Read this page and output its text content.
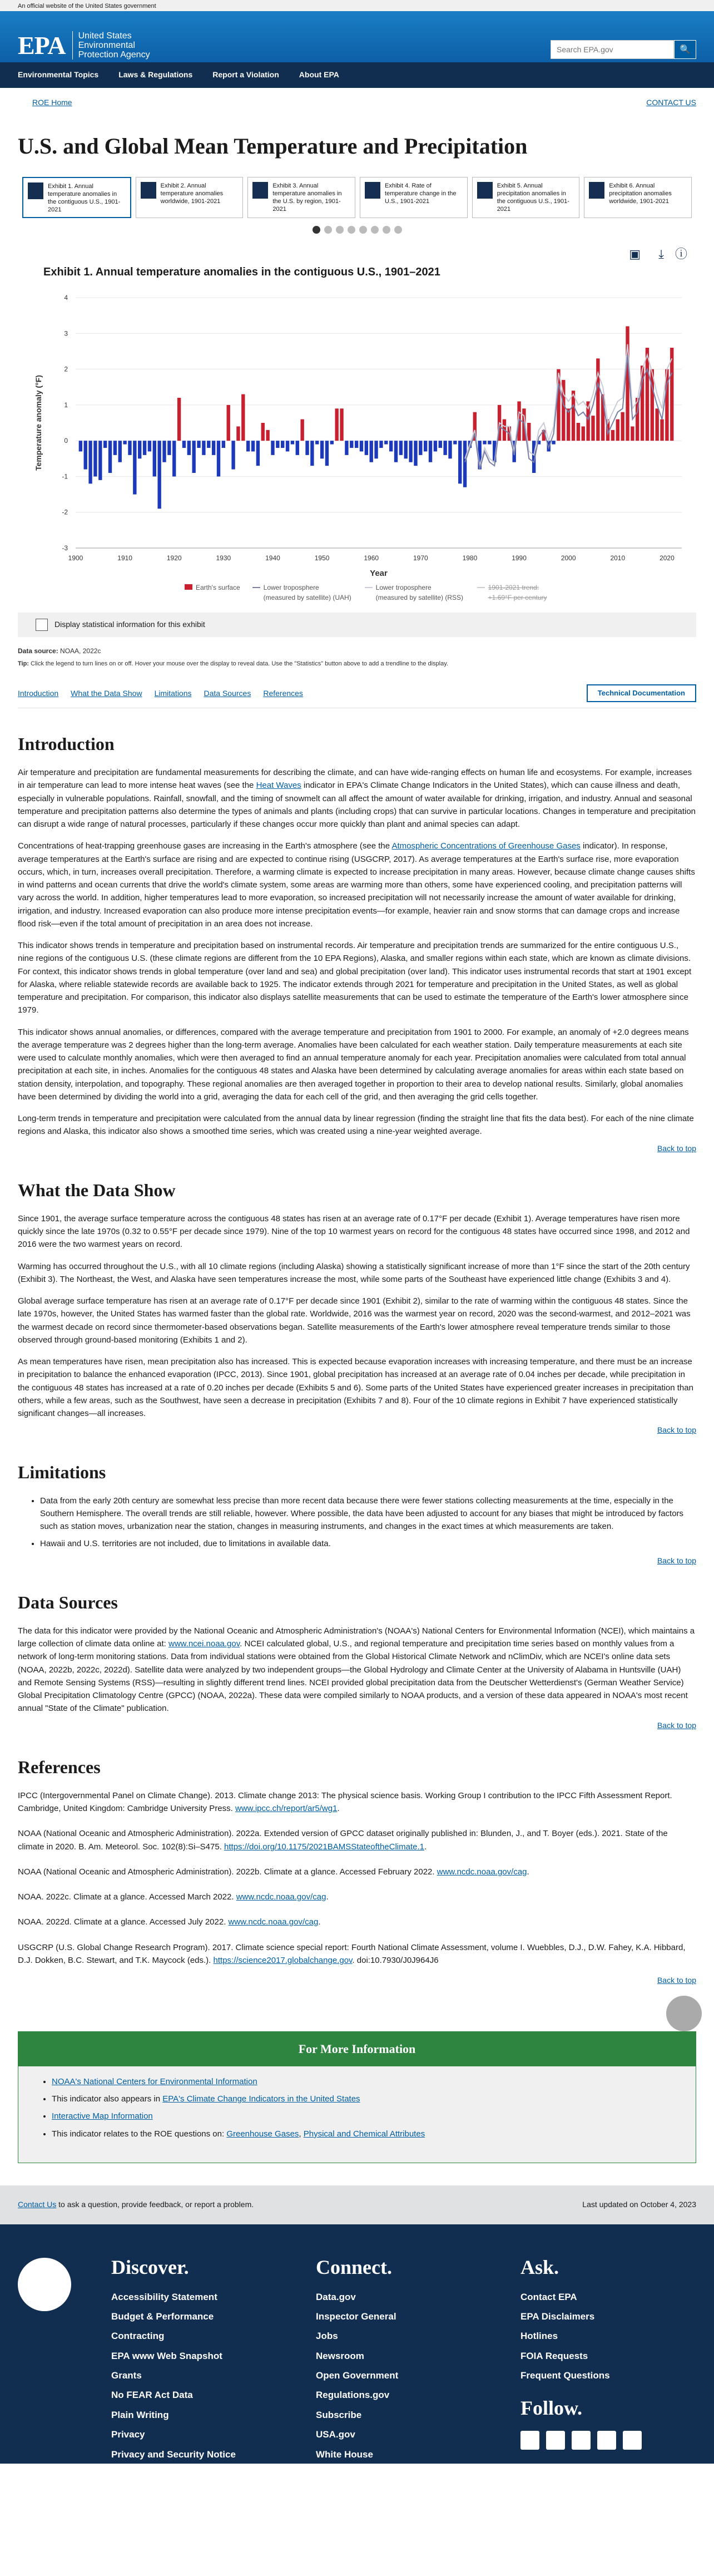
An official website of the United States government
EPA	United States Environmental Protection Agency
Search EPA.gov
🔍
Environmental Topics	Laws & Regulations	Report a Violation	About EPA
ROE Home	CONTACT US
U.S. and Global Mean Temperature and Precipitation
Exhibit 1. Annual temperature anomalies in the contiguous U.S., 1901-2021
Exhibit 2. Annual temperature anomalies worldwide, 1901-2021
Exhibit 3. Annual temperature anomalies in the U.S. by region, 1901-2021
Exhibit 4. Rate of temperature change in the U.S., 1901-2021
Exhibit 5. Annual precipitation anomalies in the contiguous U.S., 1901-2021
Exhibit 6. Annual precipitation anomalies worldwide, 1901-2021
▣ ⤓ ⓘ
Exhibit 1. Annual temperature anomalies in the contiguous U.S., 1901–2021
-3
-2
-1
0
1
2
3
4
1900	1910	1920	1930	1940	1950	1960	1970	1980	1990	2000	2010	2020
Temperature anomaly (°F)
Year
Earth's surface	Lower troposphere (measured by satellite) (UAH)
Lower troposphere (measured by satellite) (RSS)
1901-2021 trend: +1.69°F per century
Display statistical information for this exhibit
Data source: NOAA, 2022c
Tip: Click the legend to turn lines on or off. Hover your mouse over the display to reveal data. Use the "Statistics" button above to add a trendline to the display.
Introduction What the Data Show Limitations Data Sources References	Technical Documentation
Introduction

Air temperature and precipitation are fundamental measurements for describing the climate, and can have wide-ranging effects on human life and ecosystems. For example, increases in air temperature can lead to more intense heat waves (see the Heat Waves indicator in EPA's Climate Change Indicators in the United States), which can cause illness and death, especially in vulnerable populations. Rainfall, snowfall, and the timing of snowmelt can all affect the amount of water available for drinking, irrigation, and industry. Annual and seasonal temperature and precipitation patterns also determine the types of animals and plants (including crops) that can survive in particular locations. Changes in temperature and precipitation can disrupt a wide range of natural processes, particularly if these changes occur more quickly than plant and animal species can adapt.

Concentrations of heat-trapping greenhouse gases are increasing in the Earth's atmosphere (see the Atmospheric Concentrations of Greenhouse Gases indicator). In response, average temperatures at the Earth's surface are rising and are expected to continue rising (USGCRP, 2017). As average temperatures at the Earth's surface rise, more evaporation occurs, which, in turn, increases overall precipitation. Therefore, a warming climate is expected to increase precipitation in many areas. However, because climate change causes shifts in wind patterns and ocean currents that drive the world's climate system, some areas are warming more than others, some have experienced cooling, and precipitation patterns will vary across the world. In addition, higher temperatures lead to more evaporation, so increased precipitation will not necessarily increase the amount of water available for drinking, irrigation, and industry. Increased evaporation can also produce more intense precipitation events—for example, heavier rain and snow storms that can damage crops and increase flood risk—even if the total amount of precipitation in an area does not increase.

This indicator shows trends in temperature and precipitation based on instrumental records. Air temperature and precipitation trends are summarized for the entire contiguous U.S., nine regions of the contiguous U.S. (these climate regions are different from the 10 EPA Regions), Alaska, and smaller regions within each state, which are known as climate divisions. For context, this indicator shows trends in global temperature (over land and sea) and global precipitation (over land). This indicator uses instrumental records that start at 1901 except for Alaska, where reliable statewide records are available back to 1925. The indicator extends through 2021 for temperature and precipitation in the United States, as well as global temperature and precipitation. For comparison, this indicator also displays satellite measurements that can be used to estimate the temperature of the Earth's lower atmosphere since 1979.

This indicator shows annual anomalies, or differences, compared with the average temperature and precipitation from 1901 to 2000. For example, an anomaly of +2.0 degrees means the average temperature was 2 degrees higher than the long-term average. Anomalies have been calculated for each weather station. Daily temperature measurements at each site were used to calculate monthly anomalies, which were then averaged to find an annual temperature anomaly for each year. Precipitation anomalies were calculated from total annual precipitation at each site, in inches. Anomalies for the contiguous 48 states and Alaska have been determined by calculating average anomalies for areas within each state based on station density, interpolation, and topography. These regional anomalies are then averaged together in proportion to their area to develop national results. Similarly, global anomalies have been determined by dividing the world into a grid, averaging the data for each cell of the grid, and then averaging the grid cells together.

Long-term trends in temperature and precipitation were calculated from the annual data by linear regression (finding the straight line that fits the data best). For each of the nine climate regions and Alaska, this indicator also shows a smoothed time series, which was created using a nine-year weighted average.

Back to top
What the Data Show

Since 1901, the average surface temperature across the contiguous 48 states has risen at an average rate of 0.17°F per decade (Exhibit 1). Average temperatures have risen more quickly since the late 1970s (0.32 to 0.55°F per decade since 1979). Nine of the top 10 warmest years on record for the contiguous 48 states have occurred since 1998, and 2012 and 2016 were the two warmest years on record.

Warming has occurred throughout the U.S., with all 10 climate regions (including Alaska) showing a statistically significant increase of more than 1°F since the start of the 20th century (Exhibit 3). The Northeast, the West, and Alaska have seen temperatures increase the most, while some parts of the Southeast have experienced little change (Exhibits 3 and 4).

Global average surface temperature has risen at an average rate of 0.17°F per decade since 1901 (Exhibit 2), similar to the rate of warming within the contiguous 48 states. Since the late 1970s, however, the United States has warmed faster than the global rate. Worldwide, 2016 was the warmest year on record, 2020 was the second-warmest, and 2012–2021 was the warmest decade on record since thermometer-based observations began. Satellite measurements of the Earth's lower atmosphere reveal temperature trends similar to those observed through ground-based monitoring (Exhibits 1 and 2).

As mean temperatures have risen, mean precipitation also has increased. This is expected because evaporation increases with increasing temperature, and there must be an increase in precipitation to balance the enhanced evaporation (IPCC, 2013). Since 1901, global precipitation has increased at an average rate of 0.04 inches per decade, while precipitation in the contiguous 48 states has increased at a rate of 0.20 inches per decade (Exhibits 5 and 6). Some parts of the United States have experienced greater increases in precipitation than others, while a few areas, such as the Southwest, have seen a decrease in precipitation (Exhibits 7 and 8). Four of the 10 climate regions in Exhibit 7 have experienced statistically significant changes—all increases.

Back to top
Limitations
• Data from the early 20th century are somewhat less precise than more recent data because there were fewer stations collecting measurements at the time, especially in the Southern Hemisphere. The overall trends are still reliable, however. Where possible, the data have been adjusted to account for any biases that might be introduced by factors such as station moves, urbanization near the station, changes in measuring instruments, and changes in the exact times at which measurements are taken.
• Hawaii and U.S. territories are not included, due to limitations in available data.
Back to top
Data Sources

The data for this indicator were provided by the National Oceanic and Atmospheric Administration's (NOAA's) National Centers for Environmental Information (NCEI), which maintains a large collection of climate data online at: www.ncei.noaa.gov. NCEI calculated global, U.S., and regional temperature and precipitation time series based on monthly values from a network of long-term monitoring stations. Data from individual stations were obtained from the Global Historical Climate Network and nClimDiv, which are NCEI's online data sets (NOAA, 2022b, 2022c, 2022d). Satellite data were analyzed by two independent groups—the Global Hydrology and Climate Center at the University of Alabama in Huntsville (UAH) and Remote Sensing Systems (RSS)—resulting in slightly different trend lines. NCEI provided global precipitation data from the Deutscher Wetterdienst's (German Weather Service) Global Precipitation Climatology Centre (GPCC) (NOAA, 2022a). These data were compiled similarly to NOAA products, and a version of these data appeared in NOAA's most recent annual "State of the Climate" publication.

Back to top
References

IPCC (Intergovernmental Panel on Climate Change). 2013. Climate change 2013: The physical science basis. Working Group I contribution to the IPCC Fifth Assessment Report. Cambridge, United Kingdom: Cambridge University Press. www.ipcc.ch/report/ar5/wg1.

NOAA (National Oceanic and Atmospheric Administration). 2022a. Extended version of GPCC dataset originally published in: Blunden, J., and T. Boyer (eds.). 2021. State of the climate in 2020. B. Am. Meteorol. Soc. 102(8):Si–S475. https://doi.org/10.1175/2021BAMSStateoftheClimate.1.

NOAA (National Oceanic and Atmospheric Administration). 2022b. Climate at a glance. Accessed February 2022. www.ncdc.noaa.gov/cag.

NOAA. 2022c. Climate at a glance. Accessed March 2022. www.ncdc.noaa.gov/cag.

NOAA. 2022d. Climate at a glance. Accessed July 2022. www.ncdc.noaa.gov/cag.

USGCRP (U.S. Global Change Research Program). 2017. Climate science special report: Fourth National Climate Assessment, volume I. Wuebbles, D.J., D.W. Fahey, K.A. Hibbard, D.J. Dokken, B.C. Stewart, and T.K. Maycock (eds.). https://science2017.globalchange.gov. doi:10.7930/J0J964J6

Back to top
For More Information
• NOAA's National Centers for Environmental Information
• This indicator also appears in EPA's Climate Change Indicators in the United States
• Interactive Map Information
• This indicator relates to the ROE questions on: Greenhouse Gases, Physical and Chemical Attributes
Contact Us to ask a question, provide feedback, or report a problem.	Last updated on October 4, 2023
Discover.
Accessibility Statement
Budget & Performance
Contracting
EPA www Web Snapshot
Grants
No FEAR Act Data
Plain Writing
Privacy
Privacy and Security Notice
Connect.
Data.gov
Inspector General
Jobs
Newsroom
Open Government
Regulations.gov
Subscribe
USA.gov
White House
Ask.
Contact EPA
EPA Disclaimers
Hotlines
FOIA Requests
Frequent Questions
Follow.
